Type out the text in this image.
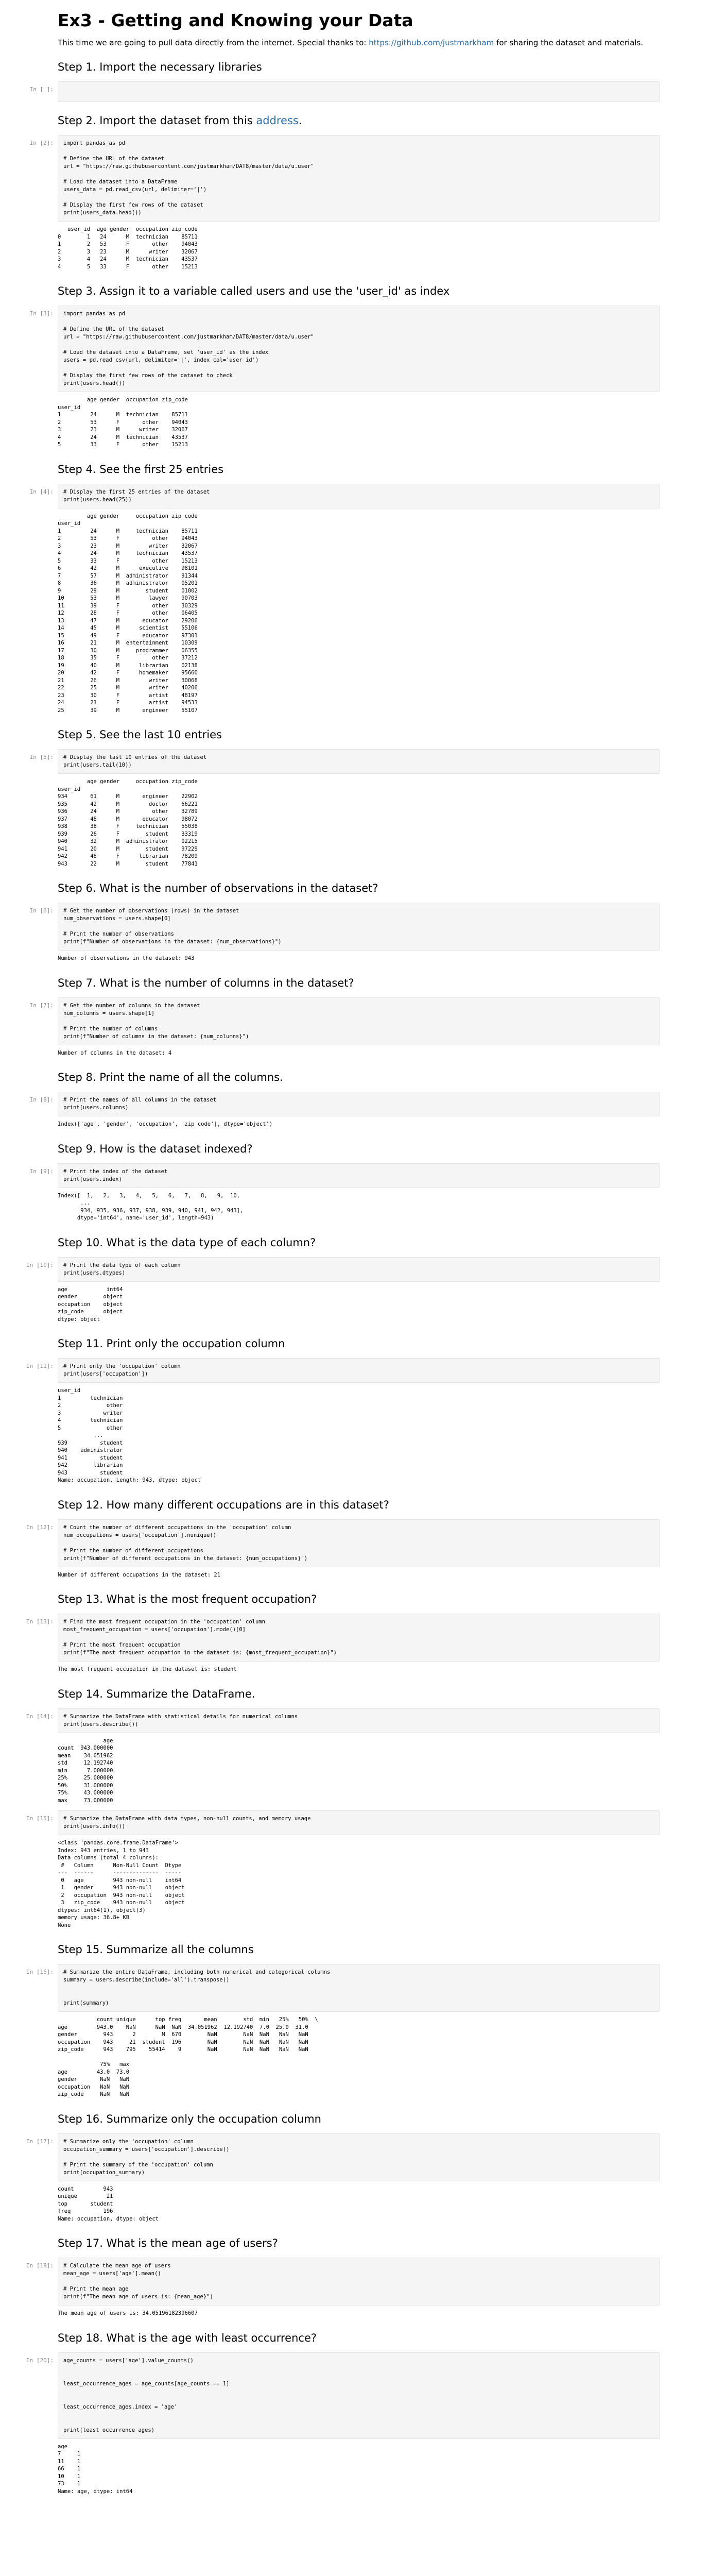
Ex3 - Getting and Knowing your Data

This time we are going to pull data directly from the internet. Special thanks to: https://github.com/justmarkham for sharing the dataset and materials.

Step 1. Import the necessary libraries
In [ ]:
Step 2. Import the dataset from this address.
In [2]:	import pandas as pd

# Define the URL of the dataset
url = "https://raw.githubusercontent.com/justmarkham/DAT8/master/data/u.user"

# Load the dataset into a DataFrame
users_data = pd.read_csv(url, delimiter='|')

# Display the first few rows of the dataset
print(users_data.head())
user_id  age gender  occupation zip_code
0        1   24      M  technician    85711
1        2   53      F       other    94043
2        3   23      M      writer    32067
3        4   24      M  technician    43537
4        5   33      F       other    15213
Step 3. Assign it to a variable called users and use the 'user_id' as index
In [3]:	import pandas as pd

# Define the URL of the dataset
url = "https://raw.githubusercontent.com/justmarkham/DAT8/master/data/u.user"

# Load the dataset into a DataFrame, set 'user_id' as the index
users = pd.read_csv(url, delimiter='|', index_col='user_id')

# Display the first few rows of the dataset to check
print(users.head())
age gender  occupation zip_code
user_id
1         24      M  technician    85711
2         53      F       other    94043
3         23      M      writer    32067
4         24      M  technician    43537
5         33      F       other    15213
Step 4. See the first 25 entries
In [4]:	# Display the first 25 entries of the dataset
print(users.head(25))
age gender     occupation zip_code
user_id
1         24      M     technician    85711
2         53      F          other    94043
3         23      M         writer    32067
4         24      M     technician    43537
5         33      F          other    15213
6         42      M      executive    98101
7         57      M  administrator    91344
8         36      M  administrator    05201
9         29      M        student    01002
10        53      M         lawyer    90703
11        39      F          other    30329
12        28      F          other    06405
13        47      M       educator    29206
14        45      M      scientist    55106
15        49      F       educator    97301
16        21      M  entertainment    10309
17        30      M     programmer    06355
18        35      F          other    37212
19        40      M      librarian    02138
20        42      F      homemaker    95660
21        26      M         writer    30068
22        25      M         writer    40206
23        30      F         artist    48197
24        21      F         artist    94533
25        39      M       engineer    55107
Step 5. See the last 10 entries
In [5]:	# Display the last 10 entries of the dataset
print(users.tail(10))
age gender     occupation zip_code
user_id
934       61      M       engineer    22902
935       42      M         doctor    66221
936       24      M          other    32789
937       48      M       educator    98072
938       38      F     technician    55038
939       26      F        student    33319
940       32      M  administrator    02215
941       20      M        student    97229
942       48      F      librarian    78209
943       22      M        student    77841
Step 6. What is the number of observations in the dataset?
In [6]:	# Get the number of observations (rows) in the dataset
num_observations = users.shape[0]

# Print the number of observations
print(f"Number of observations in the dataset: {num_observations}")
Number of observations in the dataset: 943
Step 7. What is the number of columns in the dataset?
In [7]:	# Get the number of columns in the dataset
num_columns = users.shape[1]

# Print the number of columns
print(f"Number of columns in the dataset: {num_columns}")
Number of columns in the dataset: 4
Step 8. Print the name of all the columns.
In [8]:	# Print the names of all columns in the dataset
print(users.columns)
Index(['age', 'gender', 'occupation', 'zip_code'], dtype='object')
Step 9. How is the dataset indexed?
In [9]:	# Print the index of the dataset
print(users.index)
Index([  1,   2,   3,   4,   5,   6,   7,   8,   9,  10,
...
934, 935, 936, 937, 938, 939, 940, 941, 942, 943],
dtype='int64', name='user_id', length=943)
Step 10. What is the data type of each column?
In [10]:	# Print the data type of each column
print(users.dtypes)
age            int64
gender        object
occupation    object
zip_code      object
dtype: object
Step 11. Print only the occupation column
In [11]:	# Print only the 'occupation' column
print(users['occupation'])
user_id
1         technician
2              other
3             writer
4         technician
5              other
...
939          student
940    administrator
941          student
942        librarian
943          student
Name: occupation, Length: 943, dtype: object
Step 12. How many different occupations are in this dataset?
In [12]:	# Count the number of different occupations in the 'occupation' column
num_occupations = users['occupation'].nunique()

# Print the number of different occupations
print(f"Number of different occupations in the dataset: {num_occupations}")
Number of different occupations in the dataset: 21
Step 13. What is the most frequent occupation?
In [13]:	# Find the most frequent occupation in the 'occupation' column
most_frequent_occupation = users['occupation'].mode()[0]

# Print the most frequent occupation
print(f"The most frequent occupation in the dataset is: {most_frequent_occupation}")
The most frequent occupation in the dataset is: student
Step 14. Summarize the DataFrame.
In [14]:	# Summarize the DataFrame with statistical details for numerical columns
print(users.describe())
age
count  943.000000
mean    34.051962
std     12.192740
min      7.000000
25%     25.000000
50%     31.000000
75%     43.000000
max     73.000000
In [15]:	# Summarize the DataFrame with data types, non-null counts, and memory usage
print(users.info())
<class 'pandas.core.frame.DataFrame'>
Index: 943 entries, 1 to 943
Data columns (total 4 columns):
#   Column      Non-Null Count  Dtype
---  ------      --------------  -----
0   age         943 non-null    int64
1   gender      943 non-null    object
2   occupation  943 non-null    object
3   zip_code    943 non-null    object
dtypes: int64(1), object(3)
memory usage: 36.8+ KB
None
Step 15. Summarize all the columns
In [16]:	# Summarize the entire DataFrame, including both numerical and categorical columns
summary = users.describe(include='all').transpose()

print(summary)
count unique      top freq       mean        std  min   25%   50%  \
age         943.0    NaN      NaN  NaN  34.051962  12.192740  7.0  25.0  31.0
gender        943      2        M  670        NaN        NaN  NaN   NaN   NaN
occupation    943     21  student  196        NaN        NaN  NaN   NaN   NaN
zip_code      943    795    55414    9        NaN        NaN  NaN   NaN   NaN

75%   max
age         43.0  73.0
gender       NaN   NaN
occupation   NaN   NaN
zip_code     NaN   NaN
Step 16. Summarize only the occupation column
In [17]:	# Summarize only the 'occupation' column
occupation_summary = users['occupation'].describe()

# Print the summary of the 'occupation' column
print(occupation_summary)
count         943
unique         21
top       student
freq          196
Name: occupation, dtype: object
Step 17. What is the mean age of users?
In [18]:	# Calculate the mean age of users
mean_age = users['age'].mean()

# Print the mean age
print(f"The mean age of users is: {mean_age}")
The mean age of users is: 34.05196182396607
Step 18. What is the age with least occurrence?
In [20]:	age_counts = users['age'].value_counts()

least_occurrence_ages = age_counts[age_counts == 1]

least_occurrence_ages.index = 'age'

print(least_occurrence_ages)
age
7     1
11    1
66    1
10    1
73    1
Name: age, dtype: int64
